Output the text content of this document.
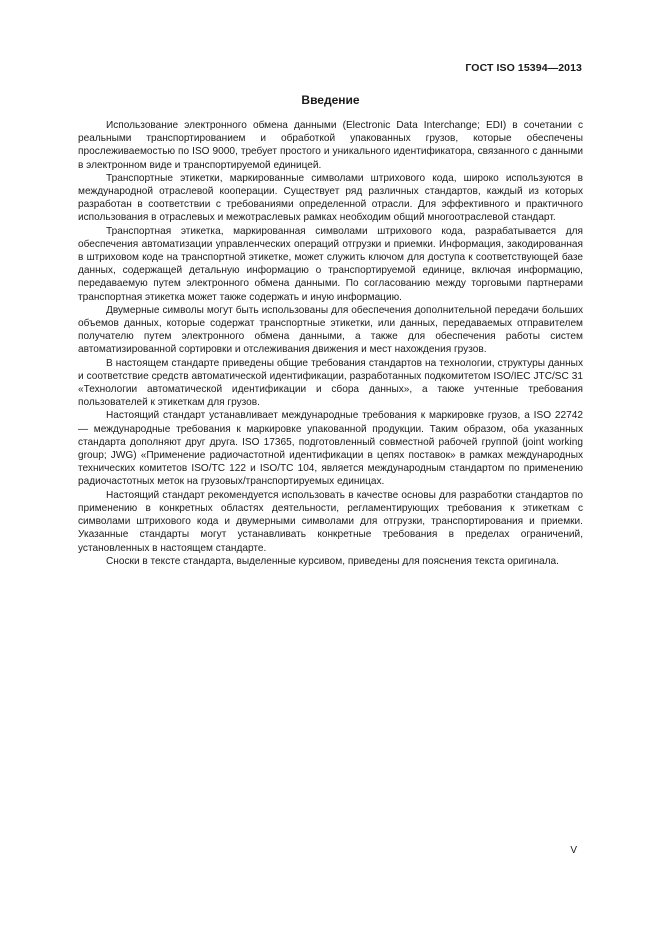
ГОСТ ISO 15394—2013
Введение

Использование электронного обмена данными (Electronic Data Interchange; EDI) в сочетании с реальными транспортированием и обработкой упакованных грузов, которые обеспечены прослеживаемостью по ISO 9000, требует простого и уникального идентификатора, связанного с данными в электронном виде и транспортируемой единицей.

Транспортные этикетки, маркированные символами штрихового кода, широко используются в международной отраслевой кооперации. Существует ряд различных стандартов, каждый из которых разработан в соответствии с требованиями определенной отрасли. Для эффективного и практичного использования в отраслевых и межотраслевых рамках необходим общий многоотраслевой стандарт.

Транспортная этикетка, маркированная символами штрихового кода, разрабатывается для обеспечения автоматизации управленческих операций отгрузки и приемки. Информация, закодированная в штриховом коде на транспортной этикетке, может служить ключом для доступа к соответствующей базе данных, содержащей детальную информацию о транспортируемой единице, включая информацию, передаваемую путем электронного обмена данными. По согласованию между торговыми партнерами транспортная этикетка может также содержать и иную информацию.

Двумерные символы могут быть использованы для обеспечения дополнительной передачи больших объемов данных, которые содержат транспортные этикетки, или данных, передаваемых отправителем получателю путем электронного обмена данными, а также для обеспечения работы систем автоматизированной сортировки и отслеживания движения и мест нахождения грузов.

В настоящем стандарте приведены общие требования стандартов на технологии, структуры данных и соответствие средств автоматической идентификации, разработанных подкомитетом ISO/IEC JTC/SC 31 «Технологии автоматической идентификации и сбора данных», а также учтенные требования пользователей к этикеткам для грузов.

Настоящий стандарт устанавливает международные требования к маркировке грузов, а ISO 22742 — международные требования к маркировке упакованной продукции. Таким образом, оба указанных стандарта дополняют друг друга. ISO 17365, подготовленный совместной рабочей группой (joint working group; JWG) «Применение радиочастотной идентификации в цепях поставок» в рамках международных технических комитетов ISO/TC 122 и ISO/TC 104, является международным стандартом по применению радиочастотных меток на грузовых/транспортируемых единицах.

Настоящий стандарт рекомендуется использовать в качестве основы для разработки стандартов по применению в конкретных областях деятельности, регламентирующих требования к этикеткам с символами штрихового кода и двумерными символами для отгрузки, транспортирования и приемки. Указанные стандарты могут устанавливать конкретные требования в пределах ограничений, установленных в настоящем стандарте.

Сноски в тексте стандарта, выделенные курсивом, приведены для пояснения текста оригинала.

V
